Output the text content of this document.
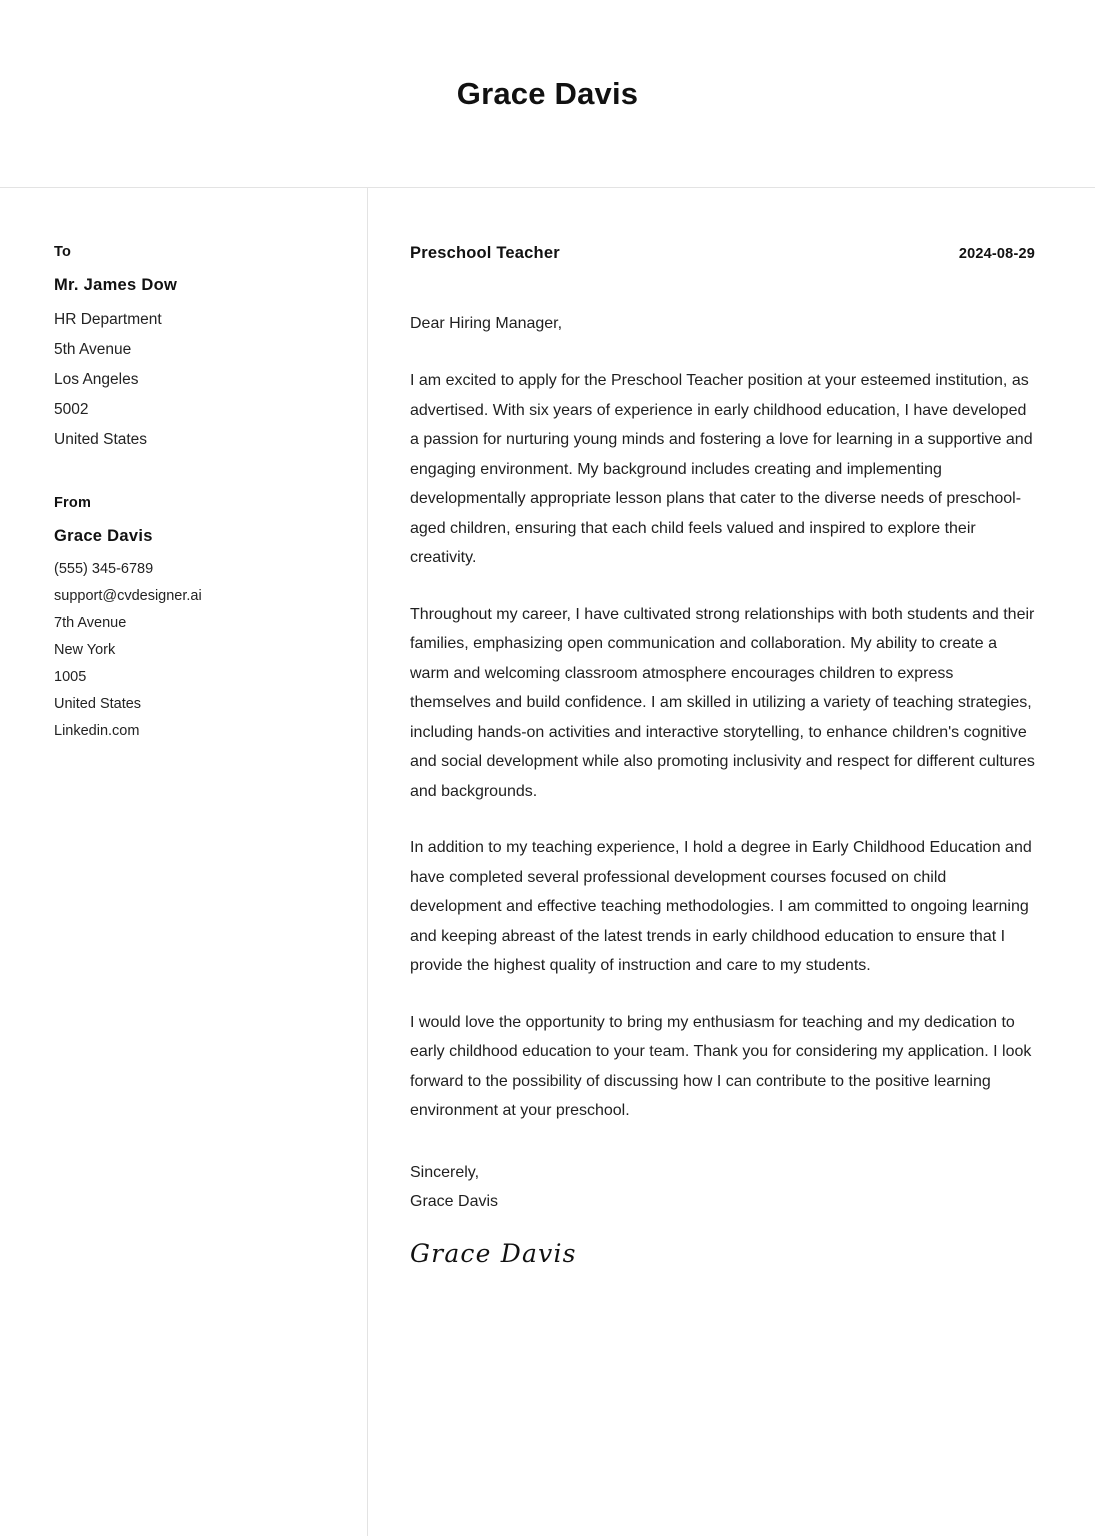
Grace Davis
To
Mr. James Dow
HR Department
5th Avenue
Los Angeles
5002
United States
From
Grace Davis
(555) 345-6789
support@cvdesigner.ai
7th Avenue
New York
1005
United States
Linkedin.com
Preschool Teacher	2024-08-29
Dear Hiring Manager,

I am excited to apply for the Preschool Teacher position at your esteemed institution, as advertised. With six years of experience in early childhood education, I have developed a passion for nurturing young minds and fostering a love for learning in a supportive and engaging environment. My background includes creating and implementing developmentally appropriate lesson plans that cater to the diverse needs of preschool-aged children, ensuring that each child feels valued and inspired to explore their creativity.

Throughout my career, I have cultivated strong relationships with both students and their families, emphasizing open communication and collaboration. My ability to create a warm and welcoming classroom atmosphere encourages children to express themselves and build confidence. I am skilled in utilizing a variety of teaching strategies, including hands-on activities and interactive storytelling, to enhance children's cognitive and social development while also promoting inclusivity and respect for different cultures and backgrounds.

In addition to my teaching experience, I hold a degree in Early Childhood Education and have completed several professional development courses focused on child development and effective teaching methodologies. I am committed to ongoing learning and keeping abreast of the latest trends in early childhood education to ensure that I provide the highest quality of instruction and care to my students.

I would love the opportunity to bring my enthusiasm for teaching and my dedication to early childhood education to your team. Thank you for considering my application. I look forward to the possibility of discussing how I can contribute to the positive learning environment at your preschool.

Sincerely,
Grace Davis
Grace Davis
